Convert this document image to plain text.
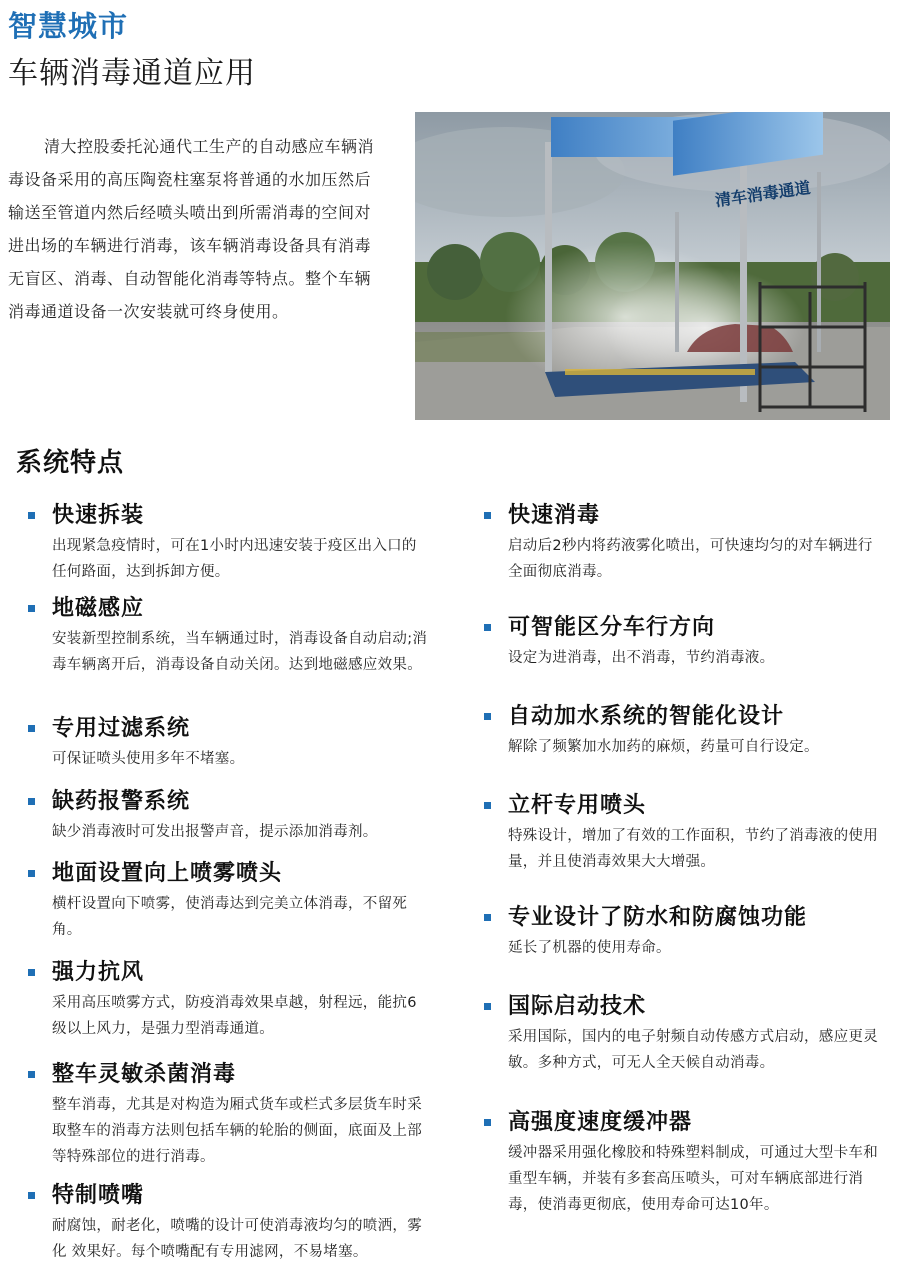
智慧城市
车辆消毒通道应用
清大控股委托沁通代工生产的自动感应车辆消毒设备采用的高压陶瓷柱塞泵将普通的水加压然后输送至管道内然后经喷头喷出到所需消毒的空间对进出场的车辆进行消毒，该车辆消毒设备具有消毒无盲区、消毒、自动智能化消毒等特点。整个车辆消毒通道设备一次安装就可终身使用。
清车消毒通道
系统特点
快速拆装
出现紧急疫情时，可在1小时内迅速安装于疫区出入口的任何路面，达到拆卸方便。
地磁感应
安装新型控制系统，当车辆通过时，消毒设备自动启动;消毒车辆离开后，消毒设备自动关闭。达到地磁感应效果。
专用过滤系统
可保证喷头使用多年不堵塞。
缺药报警系统
缺少消毒液时可发出报警声音，提示添加消毒剂。
地面设置向上喷雾喷头
横杆设置向下喷雾，使消毒达到完美立体消毒，不留死角。
强力抗风
采用高压喷雾方式，防疫消毒效果卓越，射程远，能抗6级以上风力，是强力型消毒通道。
整车灵敏杀菌消毒
整车消毒，尤其是对构造为厢式货车或栏式多层货车时采取整车的消毒方法则包括车辆的轮胎的侧面，底面及上部等特殊部位的进行消毒。
特制喷嘴
耐腐蚀，耐老化，喷嘴的设计可使消毒液均匀的喷洒，雾化 效果好。每个喷嘴配有专用滤网，不易堵塞。
快速消毒
启动后2秒内将药液雾化喷出，可快速均匀的对车辆进行全面彻底消毒。
可智能区分车行方向
设定为进消毒，出不消毒，节约消毒液。
自动加水系统的智能化设计
解除了频繁加水加药的麻烦，药量可自行设定。
立杆专用喷头
特殊设计，增加了有效的工作面积，节约了消毒液的使用量，并且使消毒效果大大增强。
专业设计了防水和防腐蚀功能
延长了机器的使用寿命。
国际启动技术
采用国际，国内的电子射频自动传感方式启动，感应更灵敏。多种方式，可无人全天候自动消毒。
高强度速度缓冲器
缓冲器采用强化橡胶和特殊塑料制成，可通过大型卡车和重型车辆，并装有多套高压喷头，可对车辆底部进行消毒，使消毒更彻底，使用寿命可达10年。
